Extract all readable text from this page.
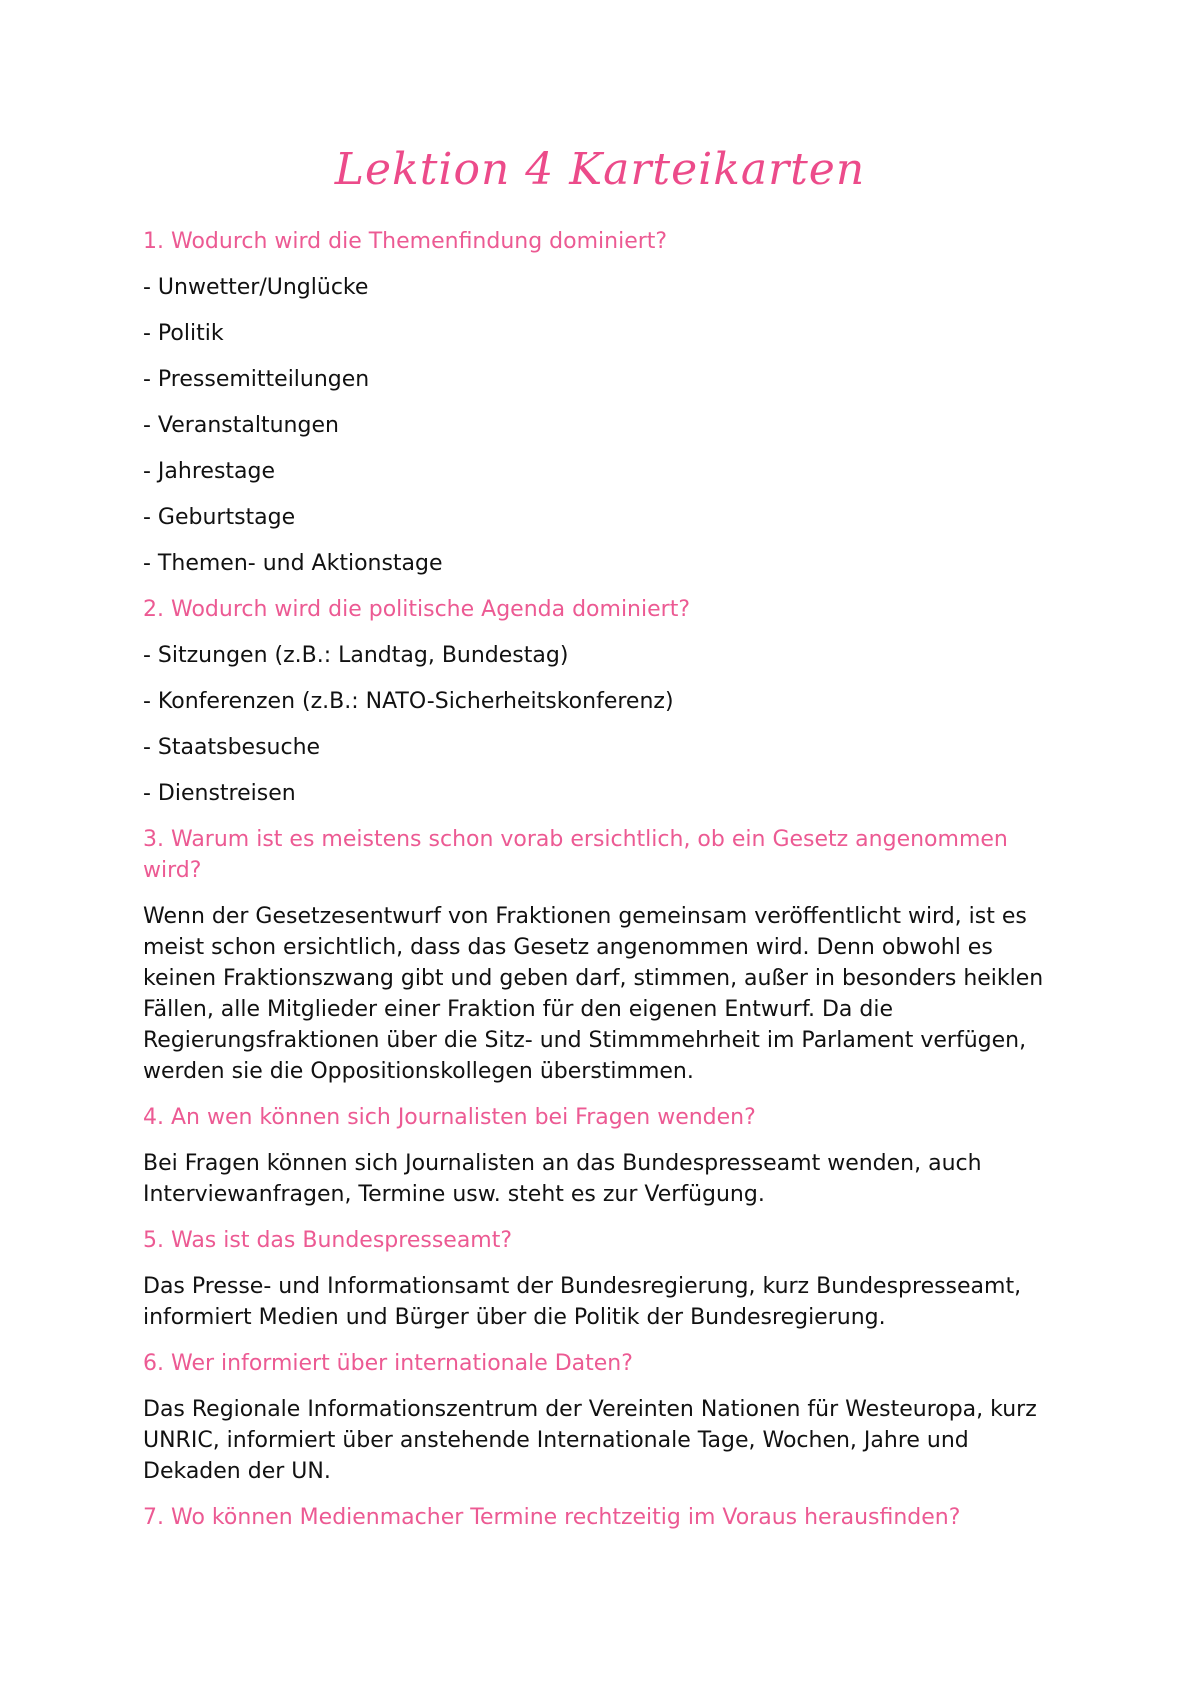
Lektion 4 Karteikarten
1. Wodurch wird die Themenfindung dominiert?
- Unwetter/Unglücke
- Politik
- Pressemitteilungen
- Veranstaltungen
- Jahrestage
- Geburtstage
- Themen- und Aktionstage
2. Wodurch wird die politische Agenda dominiert?
- Sitzungen (z.B.: Landtag, Bundestag)
- Konferenzen (z.B.: NATO-Sicherheitskonferenz)
- Staatsbesuche
- Dienstreisen
3. Warum ist es meistens schon vorab ersichtlich, ob ein Gesetz angenommen wird?
Wenn der Gesetzesentwurf von Fraktionen gemeinsam veröffentlicht wird, ist es meist schon ersichtlich, dass das Gesetz angenommen wird. Denn obwohl es keinen Fraktionszwang gibt und geben darf, stimmen, außer in besonders heiklen Fällen, alle Mitglieder einer Fraktion für den eigenen Entwurf. Da die Regierungsfraktionen über die Sitz- und Stimmmehrheit im Parlament verfügen, werden sie die Oppositionskollegen überstimmen.
4. An wen können sich Journalisten bei Fragen wenden?
Bei Fragen können sich Journalisten an das Bundespresseamt wenden, auch Interviewanfragen, Termine usw. steht es zur Verfügung.
5. Was ist das Bundespresseamt?
Das Presse- und Informationsamt der Bundesregierung, kurz Bundespresseamt, informiert Medien und Bürger über die Politik der Bundesregierung.
6. Wer informiert über internationale Daten?
Das Regionale Informationszentrum der Vereinten Nationen für Westeuropa, kurz UNRIC, informiert über anstehende Internationale Tage, Wochen, Jahre und Dekaden der UN.
7. Wo können Medienmacher Termine rechtzeitig im Voraus herausfinden?
